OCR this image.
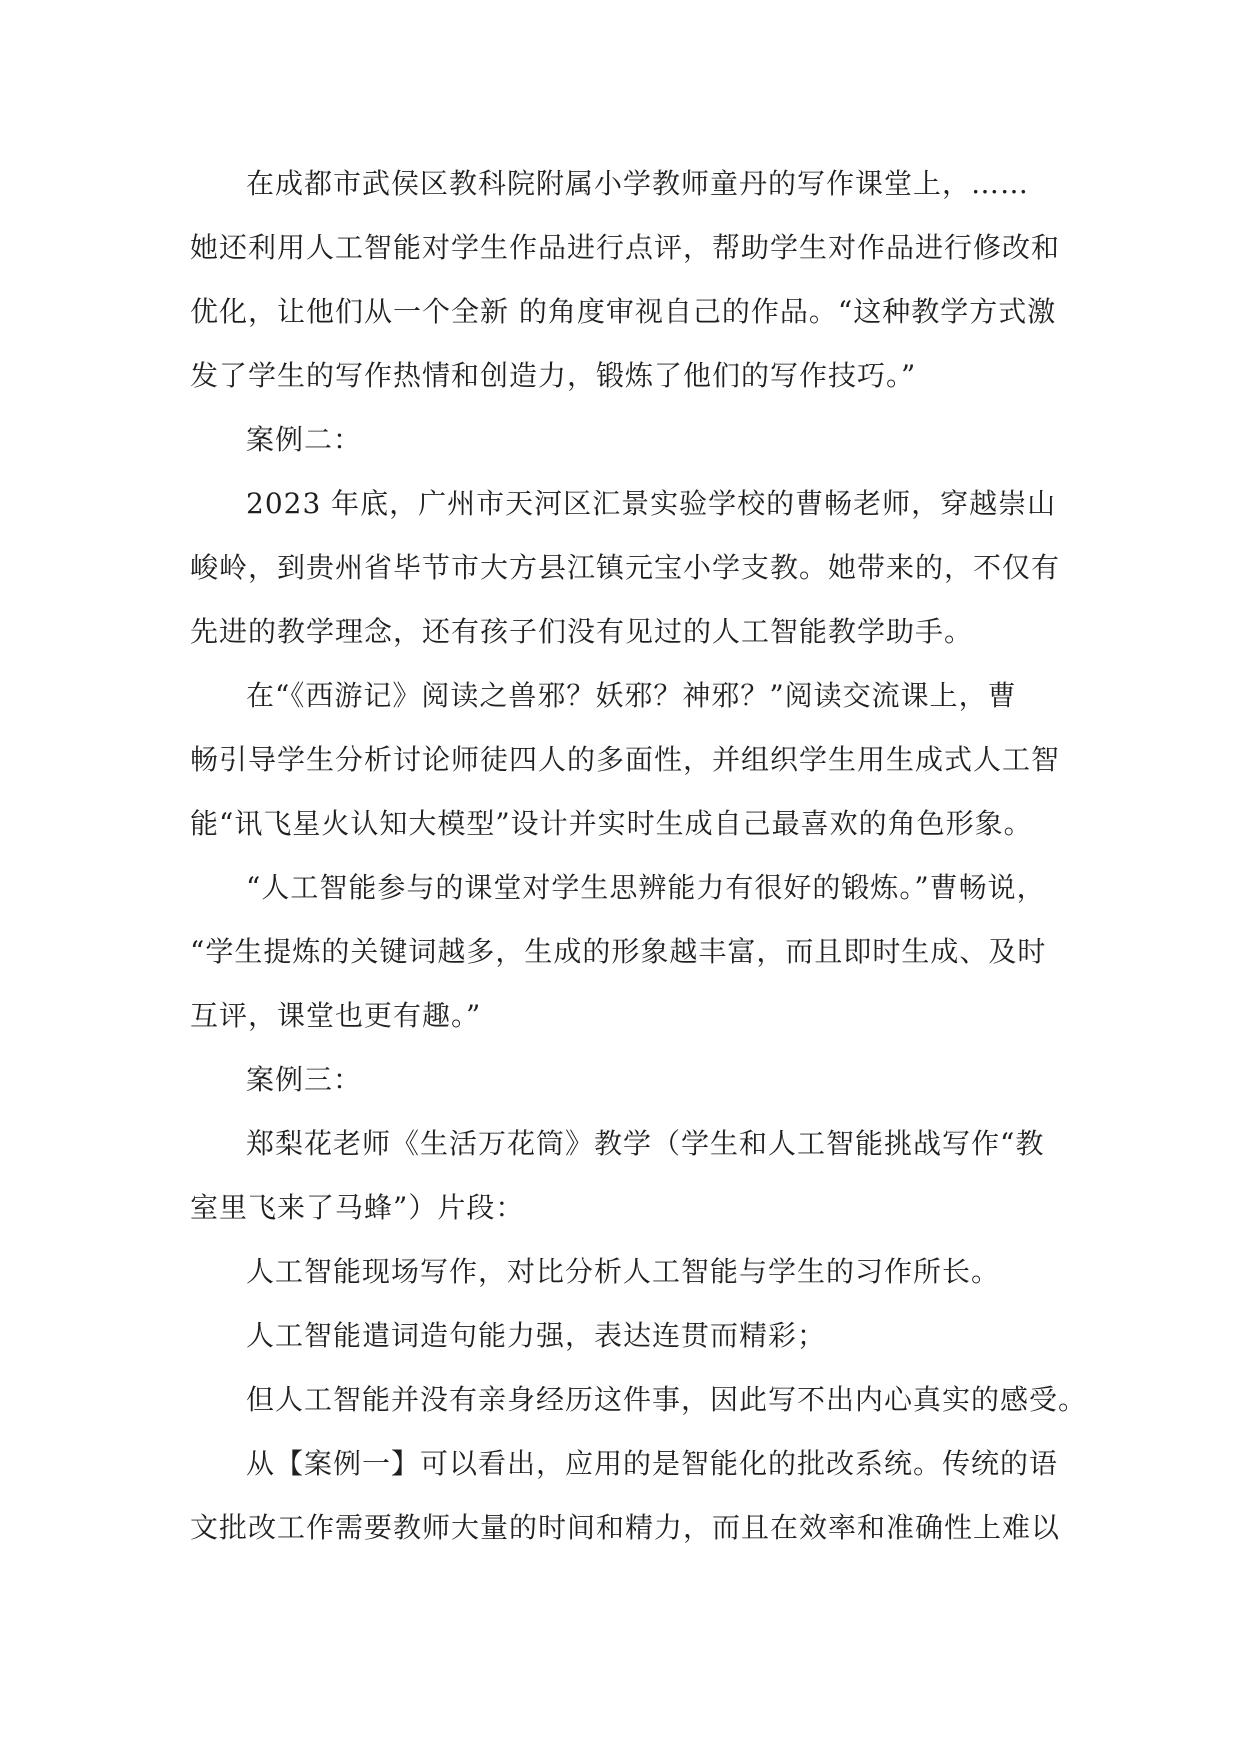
在成都市武侯区教科院附属小学教师童丹的写作课堂上，……
她还利用人工智能对学生作品进行点评，帮助学生对作品进行修改和
优化，让他们从一个全新 的角度审视自己的作品。“这种教学方式激
发了学生的写作热情和创造力，锻炼了他们的写作技巧。”
案例二：
2023 年底，广州市天河区汇景实验学校的曹畅老师，穿越崇山
峻岭，到贵州省毕节市大方县江镇元宝小学支教。她带来的，不仅有
先进的教学理念，还有孩子们没有见过的人工智能教学助手。
在“《西游记》阅读之兽邪？妖邪？神邪？”阅读交流课上，曹
畅引导学生分析讨论师徒四人的多面性，并组织学生用生成式人工智
能“讯飞星火认知大模型”设计并实时生成自己最喜欢的角色形象。
“人工智能参与的课堂对学生思辨能力有很好的锻炼。”曹畅说，
“学生提炼的关键词越多，生成的形象越丰富，而且即时生成、及时
互评，课堂也更有趣。”
案例三：
郑梨花老师《生活万花筒》教学（学生和人工智能挑战写作“教
室里飞来了马蜂”）片段：
人工智能现场写作，对比分析人工智能与学生的习作所长。
人工智能遣词造句能力强，表达连贯而精彩；
但人工智能并没有亲身经历这件事，因此写不出内心真实的感受。
从【案例一】可以看出，应用的是智能化的批改系统。传统的语
文批改工作需要教师大量的时间和精力，而且在效率和准确性上难以
